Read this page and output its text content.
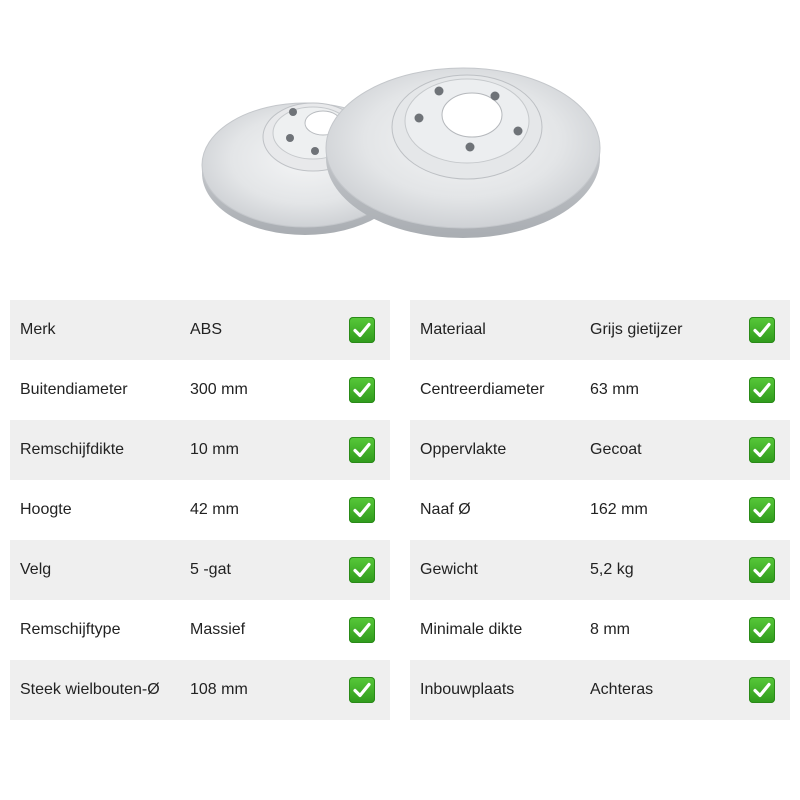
Merk	ABS
Buitendiameter	300 mm
Remschijfdikte	10 mm
Hoogte	42 mm
Velg	5 -gat
Remschijftype	Massief
Steek wielbouten-Ø 108 mm
Materiaal	Grijs gietijzer
Centreerdiameter	63 mm
Oppervlakte	Gecoat
Naaf Ø	162 mm
Gewicht	5,2 kg
Minimale dikte	8 mm
Inbouwplaats	Achteras
